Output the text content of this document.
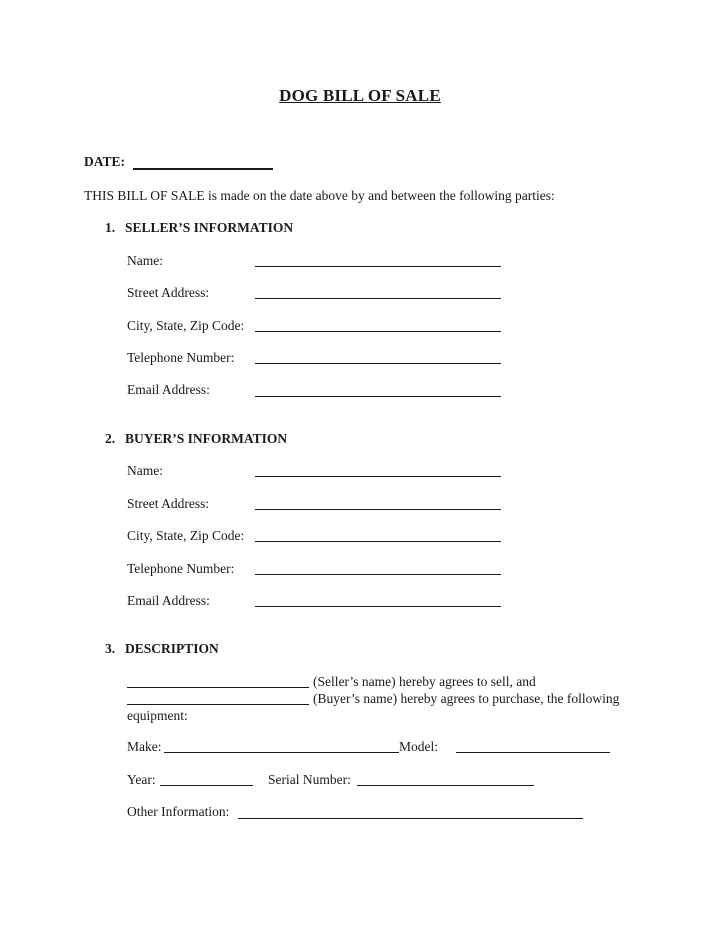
DOG BILL OF SALE
DATE:
THIS BILL OF SALE is made on the date above by and between the following parties:
1. SELLER’S INFORMATION
Name:
Street Address:
City, State, Zip Code:
Telephone Number:
Email Address:
2. BUYER’S INFORMATION
Name:
Street Address:
City, State, Zip Code:
Telephone Number:
Email Address:
3. DESCRIPTION
(Seller’s name) hereby agrees to sell, and
(Buyer’s name) hereby agrees to purchase, the following
equipment:
Make:	Model:
Year:	Serial Number:
Other Information:
